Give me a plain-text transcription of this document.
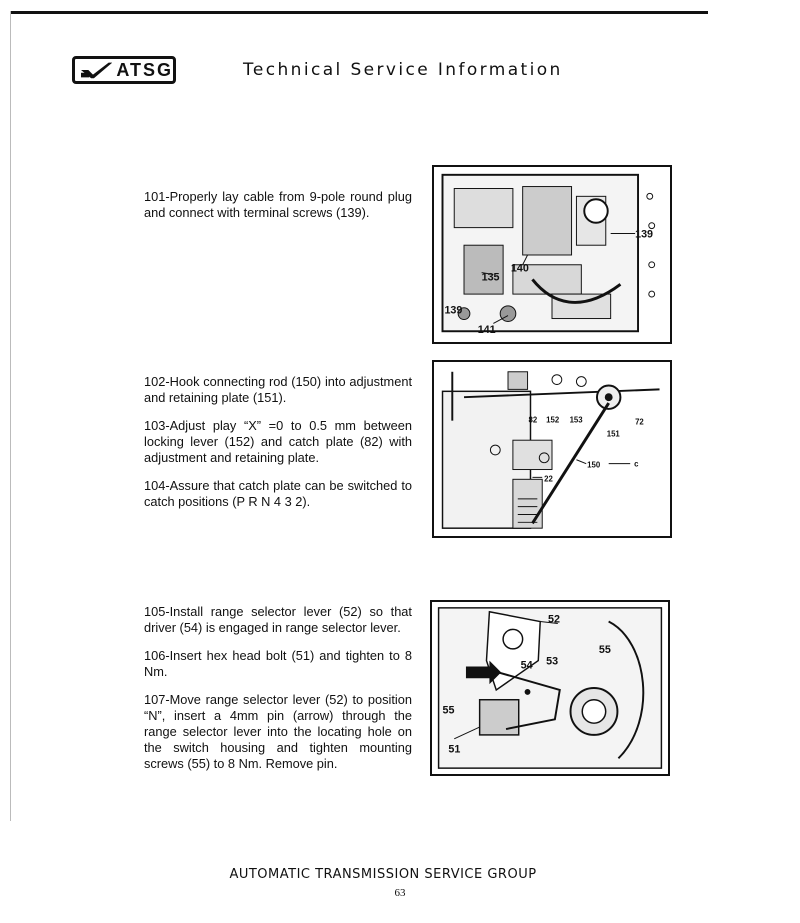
ATSG	Technical Service Information

101-Properly lay cable from 9-pole round plug and connect with terminal screws (139).

139
140
135
139
141

102-Hook connecting rod (150) into adjustment and retaining plate (151).

103-Adjust play “X” =0 to 0.5 mm between locking lever (152) and catch plate (82) with adjustment and retaining plate.

104-Assure that catch plate can be switched to catch positions (P R N 4 3 2).

82 152 153	72
151
150	c
22

105-Install range selector lever (52) so that driver (54) is engaged in range selector lever.

106-Insert hex head bolt (51) and tighten to 8 Nm.

107-Move range selector lever (52) to position “N”, insert a 4mm pin (arrow) through the range selector lever into the locating hole on the switch housing and tighten mounting screws (55) to 8 Nm. Remove pin.

52
55
54 53
55
51
AUTOMATIC TRANSMISSION SERVICE GROUP
63
